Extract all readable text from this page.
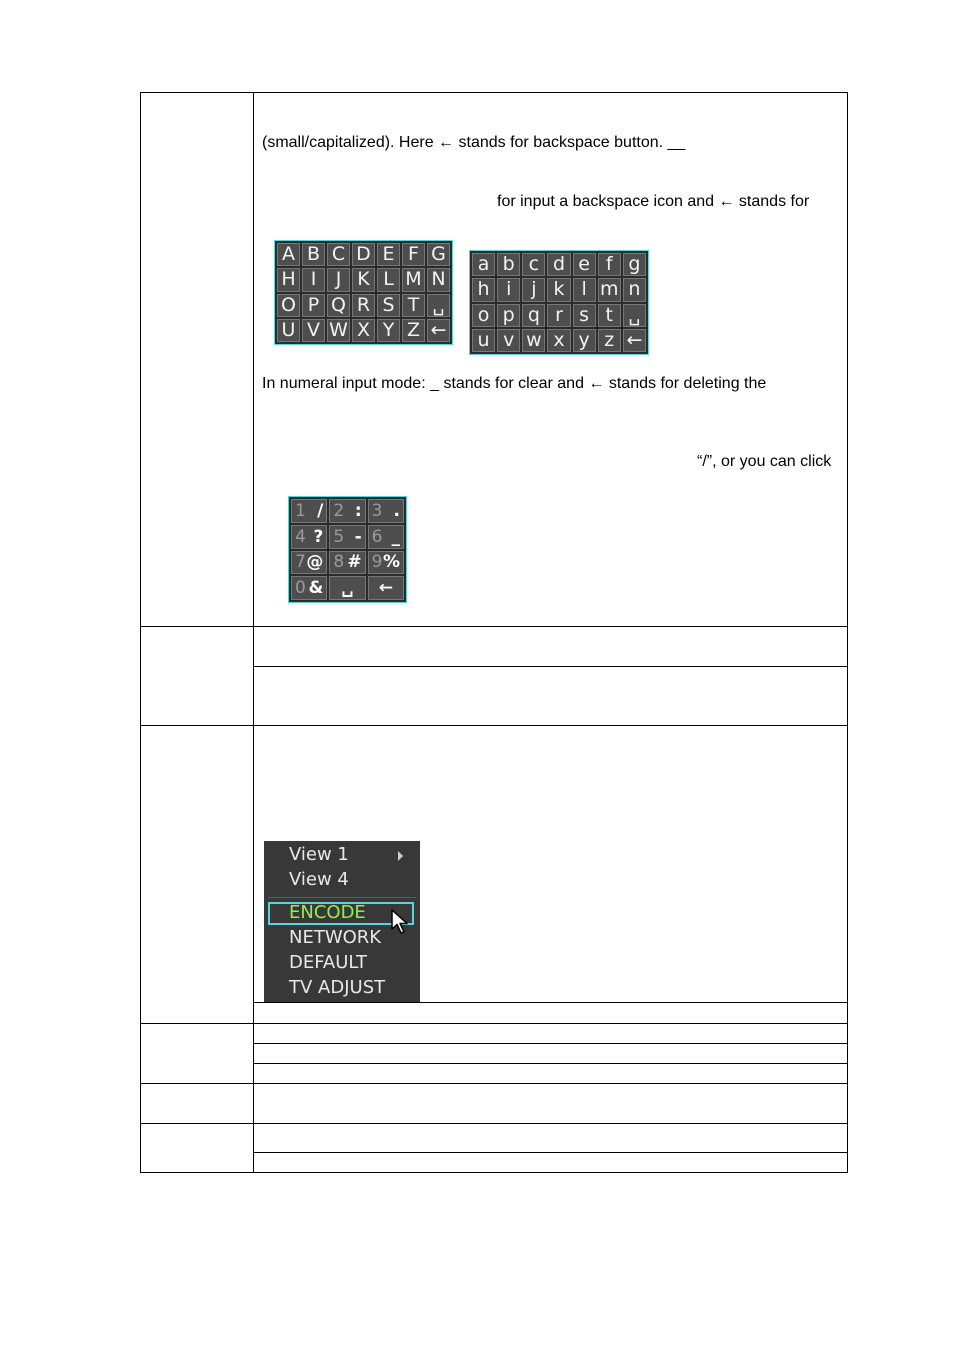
(small/capitalized). Here ← stands for backspace button. __
for input a backspace icon and ← stands for
In numeral input mode: _ stands for clear and ← stands for deleting the
“/”, or you can click
A B C D E F G
H I	J K L M N
O P Q R S T ␣
U V W X Y Z ←
a b c d e f g
h i	j k l m n
o p q r s t ␣
u v w x y z ←
1 / 2 : 3 .
4 ? 5 - 6 _
7 @ 8 # 9 %
0 & ␣ ←
View 1
View 4
ENCODE
NETWORK
DEFAULT
TV ADJUST
